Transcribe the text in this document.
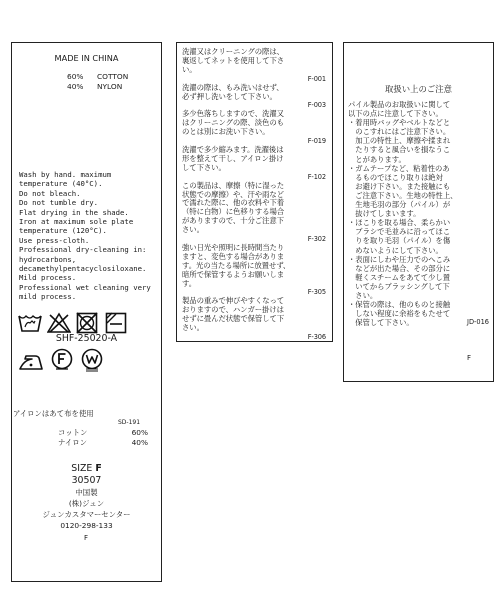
MADE IN CHINA
60% COTTON
40% NYLON
Wash by hand. maximum
temperature (40°C).
Do not bleach.
Do not tumble dry.
Flat drying in the shade.
Iron at maximum sole plate
temperature (120°C).
Use press-cloth.
Professional dry-cleaning in:
hydrocarbons,
decamethylpentacyclosiloxane.
Mild process.
Professional wet cleaning very
mild process.
SHF-25020-A
アイロンはあて布を使用
SD-191
コットン	60%
ナイロン	40%
SIZE F
30507
中国製
(株)ジュン
ジュンカスタマーセンター
0120-298-133
F
洗濯又はクリーニングの際は、
裏返してネットを使用して下さ
い。
F-001
洗濯の際は、もみ洗いはせず、
必ず押し洗いをして下さい。
F-003
多少色落ちしますので、洗濯又
はクリーニングの際、淡色のも
のとは別にお洗い下さい。
F-019
洗濯で多少縮みます。洗濯後は
形を整えて干し、アイロン掛け
して下さい。
F-102
この製品は、摩擦（特に湿った
状態での摩擦）や、汗や雨など
で濡れた際に、他の衣料や下着
（特に白物）に色移りする場合
がありますので、十分ご注意下
さい。
F-302
強い日光や照明に長時間当たり
ますと、変色する場合がありま
す。光の当たる場所に放置せず、
暗所で保管するようお願いしま
す。
F-305
製品の重みで伸びやすくなって
おりますので、ハンガー掛けは
せずに畳んだ状態で保管して下
さい。
F-306
取扱い上のご注意
パイル製品のお取扱いに関して
以下の点に注意して下さい。
・着用時バッグやベルトなどと
　のこすれにはご注意下さい。
　加工の特性上、摩擦や揉まれ
　たりすると風合いを損なうこ
　とがあります。
・ガムテープなど、粘着性のあ
　るものでほこり取りは絶対
　お避け下さい。また接触にも
　ご注意下さい。生地の特性上、
　生地毛羽の部分（パイル）が
　抜けてしまいます。
・ほこりを取る場合、柔らかい
　ブラシで毛並みに沿ってほこ
　りを取り毛羽（パイル）を傷
　めないようにして下さい。
・表面にしわや圧力でのへこみ
　などが出た場合、その部分に
　軽くスチームをあてて少し置
　いてからブラッシングして下
　さい。
・保管の際は、他のものと接触
　しない程度に余裕をもたせて
　保管して下さい。	JD-016
F
